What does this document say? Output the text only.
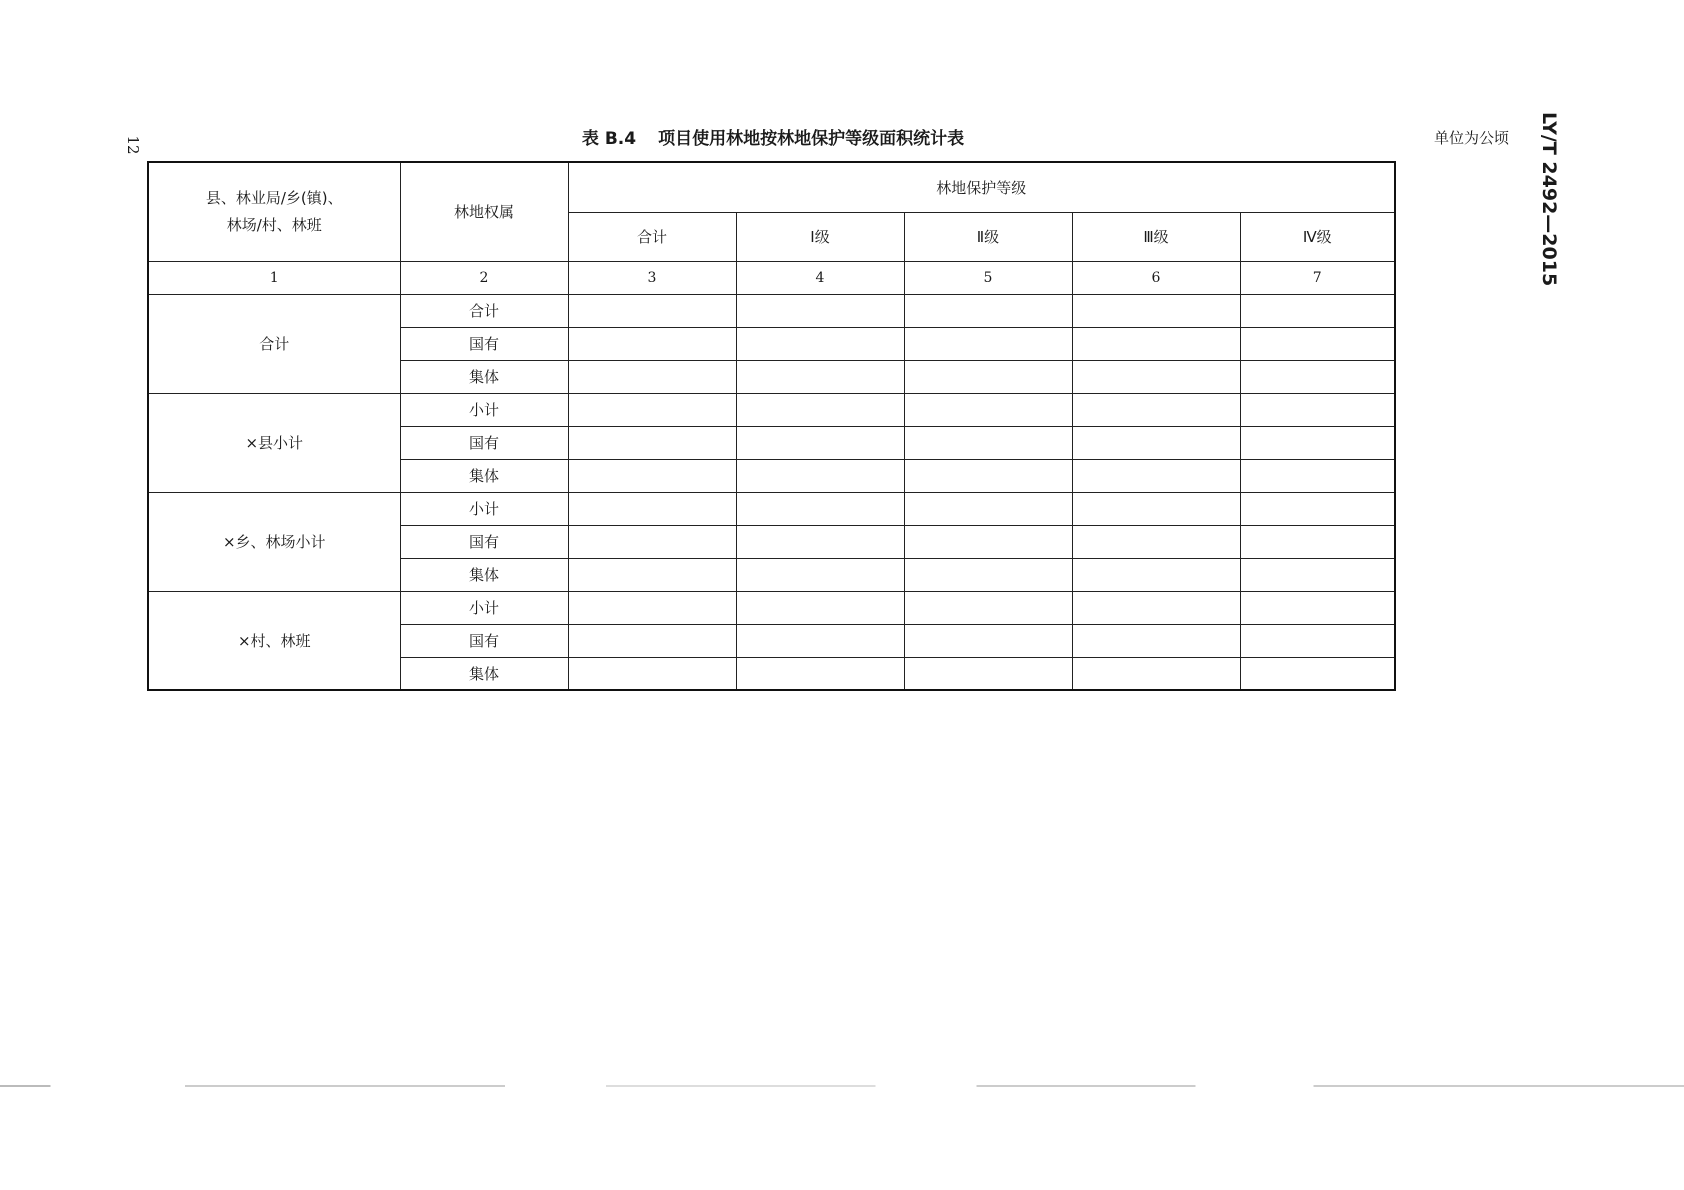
12	LY/T 2492—2015
表 B.4 项目使用林地按林地保护等级面积统计表	单位为公顷
县、林业局/乡(镇)、
林场/村、林班	林地权属	林地保护等级				
		合计	Ⅰ级	Ⅱ级	Ⅲ级	Ⅳ级
1	2	3	4	5	6	7
合计	合计					
	国有					
	集体					
×县小计	小计					
	国有					
	集体					
×乡、林场小计	小计					
	国有					
	集体					
×村、林班	小计					
	国有					
	集体					
